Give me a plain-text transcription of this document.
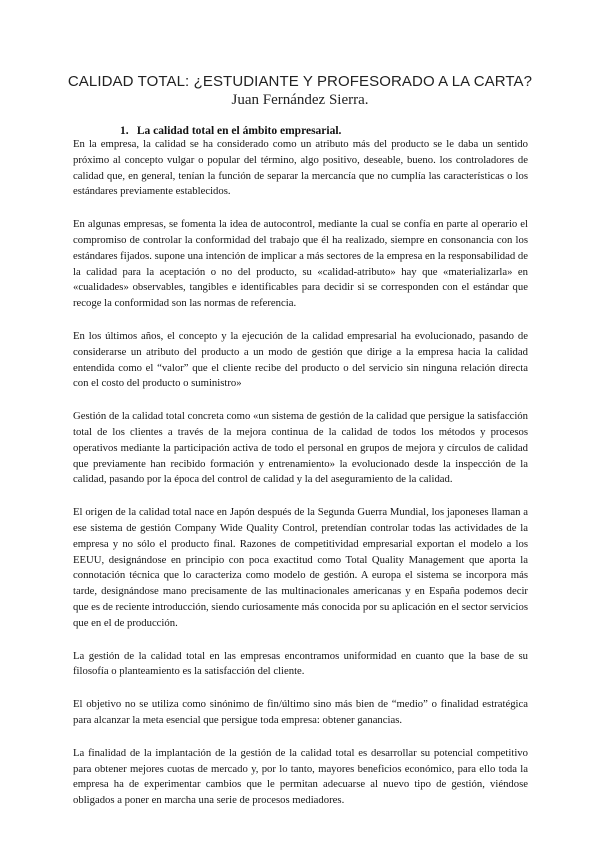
CALIDAD TOTAL: ¿ESTUDIANTE Y PROFESORADO A LA CARTA?
Juan Fernández Sierra.
1. La calidad total en el ámbito empresarial.

En la empresa, la calidad se ha considerado como un atributo más del producto se le daba un sentido próximo al concepto vulgar o popular del término, algo positivo, deseable, bueno. los controladores de calidad que, en general, tenían la función de separar la mercancía que no cumplía las características o los estándares previamente establecidos.

En algunas empresas, se fomenta la idea de autocontrol, mediante la cual se confía en parte al operario el compromiso de controlar la conformidad del trabajo que él ha realizado, siempre en consonancia con los estándares fijados. supone una intención de implicar a más sectores de la empresa en la responsabilidad de la calidad para la aceptación o no del producto, su «calidad-atributo» hay que «materializarla» en «cualidades» observables, tangibles e identificables para decidir si se corresponden con el estándar que recoge la conformidad son las normas de referencia.

En los últimos años, el concepto y la ejecución de la calidad empresarial ha evolucionado, pasando de considerarse un atributo del producto a un modo de gestión que dirige a la empresa hacia la calidad entendida como el “valor” que el cliente recibe del producto o del servicio sin ninguna relación directa con el costo del producto o suministro»

Gestión de la calidad total concreta como «un sistema de gestión de la calidad que persigue la satisfacción total de los clientes a través de la mejora continua de la calidad de todos los métodos y procesos operativos mediante la participación activa de todo el personal en grupos de mejora y círculos de calidad que previamente han recibido formación y entrenamiento» la evolucionado desde la inspección de la calidad, pasando por la época del control de calidad y la del aseguramiento de la calidad.

El origen de la calidad total nace en Japón después de la Segunda Guerra Mundial, los japoneses llaman a ese sistema de gestión Company Wide Quality Control, pretendían controlar todas las actividades de la empresa y no sólo el producto final. Razones de competitividad empresarial exportan el modelo a los EEUU, designándose en principio con poca exactitud como Total Quality Management que aporta la connotación técnica que lo caracteriza como modelo de gestión. A europa el sistema se incorpora más tarde, designándose mano precisamente de las multinacionales americanas y en España podemos decir que es de reciente introducción, siendo curiosamente más conocida por su aplicación en el sector servicios que en el de producción.

La gestión de la calidad total en las empresas encontramos uniformidad en cuanto que la base de su filosofía o planteamiento es la satisfacción del cliente.

El objetivo no se utiliza como sinónimo de fin/último sino más bien de “medio” o finalidad estratégica para alcanzar la meta esencial que persigue toda empresa: obtener ganancias.

La finalidad de la implantación de la gestión de la calidad total es desarrollar su potencial competitivo para obtener mejores cuotas de mercado y, por lo tanto, mayores beneficios económico, para ello toda la empresa ha de experimentar cambios que le permitan adecuarse al nuevo tipo de gestión, viéndose obligados a poner en marcha una serie de procesos mediadores.
